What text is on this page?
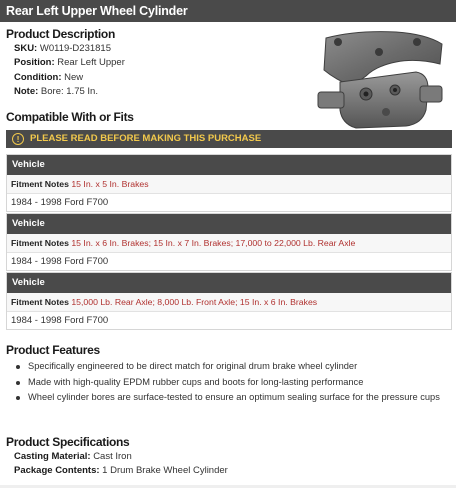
Rear Left Upper Wheel Cylinder
Product Description
SKU: W0119-D231815
Position: Rear Left Upper
Condition: New
Note: Bore: 1.75 In.
Compatible With or Fits
!	PLEASE READ BEFORE MAKING THIS PURCHASE
Vehicle
Fitment Notes 15 In. x 5 In. Brakes
1984 - 1998 Ford F700
Vehicle
Fitment Notes 15 In. x 6 In. Brakes; 15 In. x 7 In. Brakes; 17,000 to 22,000 Lb. Rear Axle
1984 - 1998 Ford F700
Vehicle
Fitment Notes 15,000 Lb. Rear Axle; 8,000 Lb. Front Axle; 15 In. x 6 In. Brakes
1984 - 1998 Ford F700
Product Features
Specifically engineered to be direct match for original drum brake wheel cylinder
Made with high-quality EPDM rubber cups and boots for long-lasting performance
Wheel cylinder bores are surface-tested to ensure an optimum sealing surface for the pressure cups
Product Specifications
Casting Material: Cast Iron
Package Contents: 1 Drum Brake Wheel Cylinder
